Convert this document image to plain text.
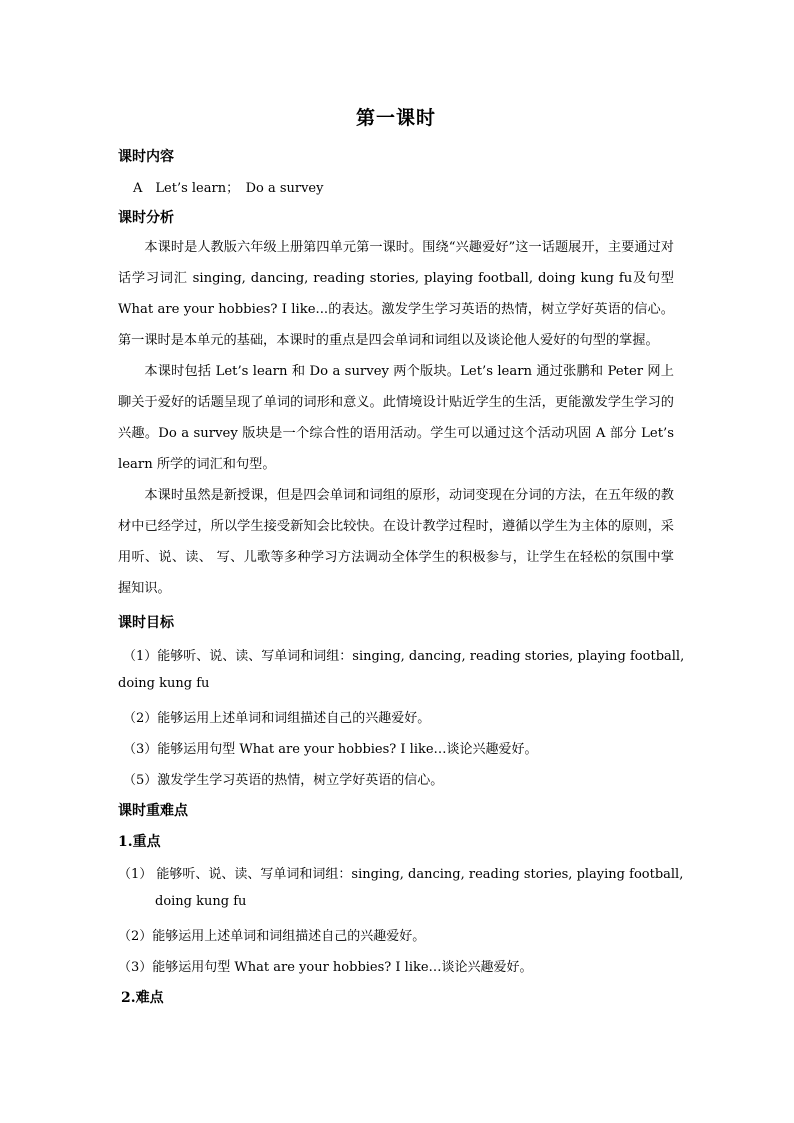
第一课时
课时内容
A　Let’s learn；　Do a survey
课时分析

本课时是人教版六年级上册第四单元第一课时。围绕“兴趣爱好”这一话题展开，主要通过对话学习词汇 singing, dancing, reading stories, playing football, doing kung fu及句型 What are your hobbies? I like...的表达。激发学生学习英语的热情，树立学好英语的信心。第一课时是本单元的基础，本课时的重点是四会单词和词组以及谈论他人爱好的句型的掌握。

本课时包括 Let’s learn 和 Do a survey 两个版块。Let’s learn 通过张鹏和 Peter 网上聊关于爱好的话题呈现了单词的词形和意义。此情境设计贴近学生的生活，更能激发学生学习的兴趣。Do a survey 版块是一个综合性的语用活动。学生可以通过这个活动巩固 A 部分 Let’s learn 所学的词汇和句型。

本课时虽然是新授课，但是四会单词和词组的原形，动词变现在分词的方法，在五年级的教材中已经学过，所以学生接受新知会比较快。在设计教学过程时，遵循以学生为主体的原则，采用听、说、读、 写、儿歌等多种学习方法调动全体学生的积极参与，让学生在轻松的氛围中掌握知识。

课时目标
（1）能够听、说、读、写单词和词组：singing, dancing, reading stories, playing football,
doing kung fu
（2）能够运用上述单词和词组描述自己的兴趣爱好。
（3）能够运用句型 What are your hobbies? I like…谈论兴趣爱好。
（5）激发学生学习英语的热情，树立学好英语的信心。
课时重难点
1.重点
（1） 能够听、说、读、写单词和词组：singing, dancing, reading stories, playing football,
doing kung fu
（2）能够运用上述单词和词组描述自己的兴趣爱好。
（3）能够运用句型 What are your hobbies? I like…谈论兴趣爱好。
2.难点
